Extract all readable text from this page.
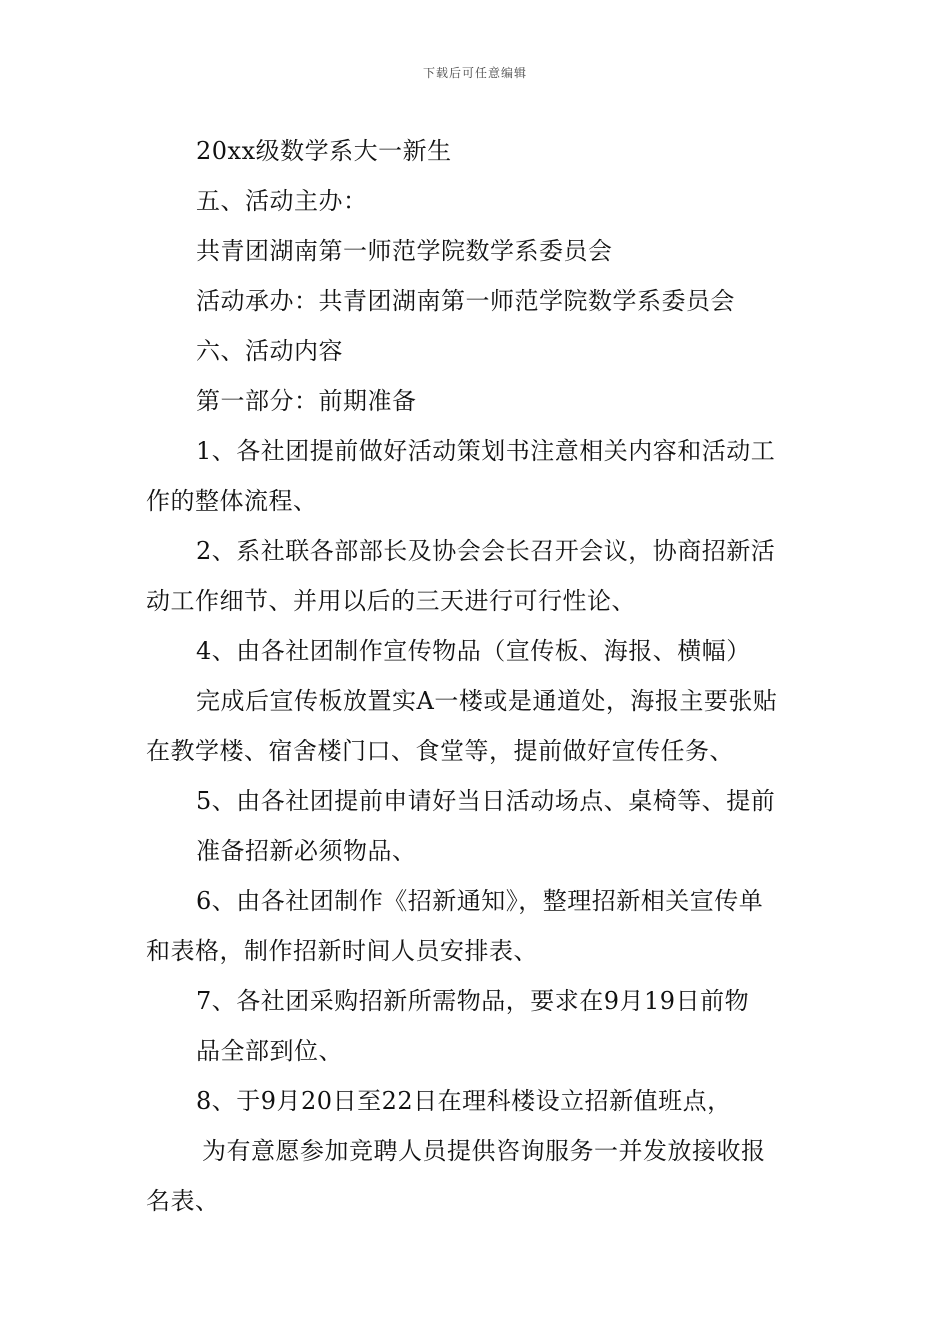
下载后可任意编辑
20xx级数学系大一新生
五、活动主办：
共青团湖南第一师范学院数学系委员会
活动承办：共青团湖南第一师范学院数学系委员会
六、活动内容
第一部分：前期准备
1、各社团提前做好活动策划书注意相关内容和活动工
作的整体流程、
2、系社联各部部长及协会会长召开会议，协商招新活
动工作细节、并用以后的三天进行可行性论、
4、由各社团制作宣传物品（宣传板、海报、横幅）
完成后宣传板放置实A一楼或是通道处，海报主要张贴
在教学楼、宿舍楼门口、食堂等，提前做好宣传任务、
5、由各社团提前申请好当日活动场点、桌椅等、提前
准备招新必须物品、
6、由各社团制作《招新通知》，整理招新相关宣传单
和表格，制作招新时间人员安排表、
7、各社团采购招新所需物品，要求在9月19日前物
品全部到位、
8、于9月20日至22日在理科楼设立招新值班点，
为有意愿参加竞聘人员提供咨询服务一并发放接收报
名表、
